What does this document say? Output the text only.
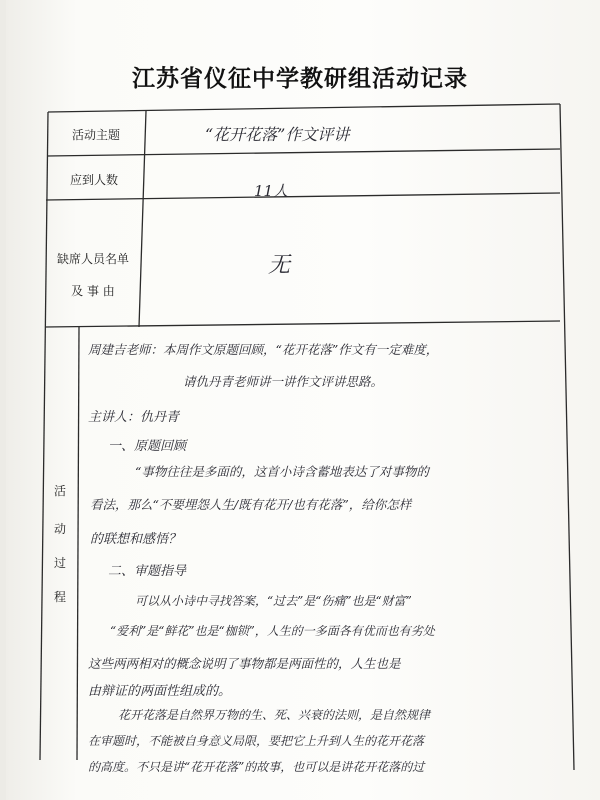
江苏省仪征中学教研组活动记录
活动主题	“花开花落”作文评讲
应到人数
11人
缺席人员名单
及 事 由
无
活
动
过
程
周建吉老师：本周作文原题回顾，“花开花落”作文有一定难度，
请仇丹青老师讲一讲作文评讲思路。
主讲人：仇丹青
一、原题回顾
“事物往往是多面的，这首小诗含蓄地表达了对事物的
看法，那么“不要埋怨人生/既有花开/也有花落”，给你怎样
的联想和感悟？
二、审题指导
可以从小诗中寻找答案，“过去”是“伤痛”也是“财富”
“爱利”是“鲜花”也是“枷锁”，人生的一多面各有优而也有劣处
这些两两相对的概念说明了事物都是两面性的，人生也是
由辩证的两面性组成的。
花开花落是自然界万物的生、死、兴衰的法则，是自然规律
在审题时，不能被自身意义局限，要把它上升到人生的花开花落
的高度。不只是讲“花开花落”的故事，也可以是讲花开花落的过
